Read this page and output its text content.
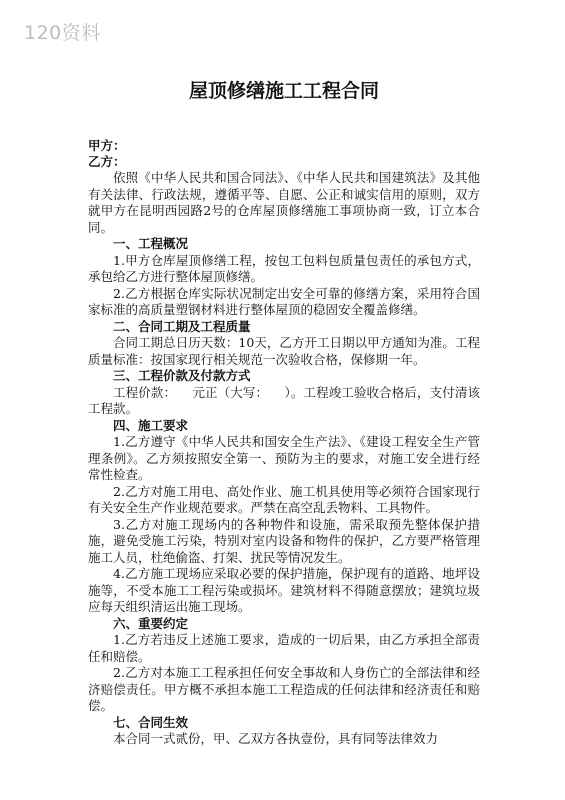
120资料
屋顶修缮施工工程合同
甲方：
乙方：

依照《中华人民共和国合同法》、《中华人民共和国建筑法》及其他有关法律、行政法规，遵循平等、自愿、公正和诚实信用的原则，双方就甲方在昆明西园路2号的仓库屋顶修缮施工事项协商一致，订立本合同。

一、工程概况

1.甲方仓库屋顶修缮工程，按包工包料包质量包责任的承包方式，承包给乙方进行整体屋顶修缮。

2.乙方根据仓库实际状况制定出安全可靠的修缮方案，采用符合国家标准的高质量塑钢材料进行整体屋顶的稳固安全覆盖修缮。

二、合同工期及工程质量

合同工期总日历天数：10天，乙方开工日期以甲方通知为准。工程质量标准：按国家现行相关规范一次验收合格，保修期一年。

三、工程价款及付款方式

工程价款：    元正（大写：    ）。工程竣工验收合格后，支付清该工程款。

四、施工要求

1.乙方遵守《中华人民共和国安全生产法》、《建设工程安全生产管理条例》。乙方须按照安全第一、预防为主的要求，对施工安全进行经常性检查。

2.乙方对施工用电、高处作业、施工机具使用等必须符合国家现行有关安全生产作业规范要求。严禁在高空乱丢物料、工具物件。

3.乙方对施工现场内的各种物件和设施，需采取预先整体保护措施，避免受施工污染，特别对室内设备和物件的保护，乙方要严格管理施工人员，杜绝偷盗、打架、扰民等情况发生。

4.乙方施工现场应采取必要的保护措施，保护现有的道路、地坪设施等，不受本施工工程污染或损坏。建筑材料不得随意摆放；建筑垃圾应每天组织清运出施工现场。

六、重要约定

1.乙方若违反上述施工要求，造成的一切后果，由乙方承担全部责任和赔偿。

2.乙方对本施工工程承担任何安全事故和人身伤亡的全部法律和经济赔偿责任。甲方概不承担本施工工程造成的任何法律和经济责任和赔偿。

七、合同生效

本合同一式贰份，甲、乙双方各执壹份，具有同等法律效力
